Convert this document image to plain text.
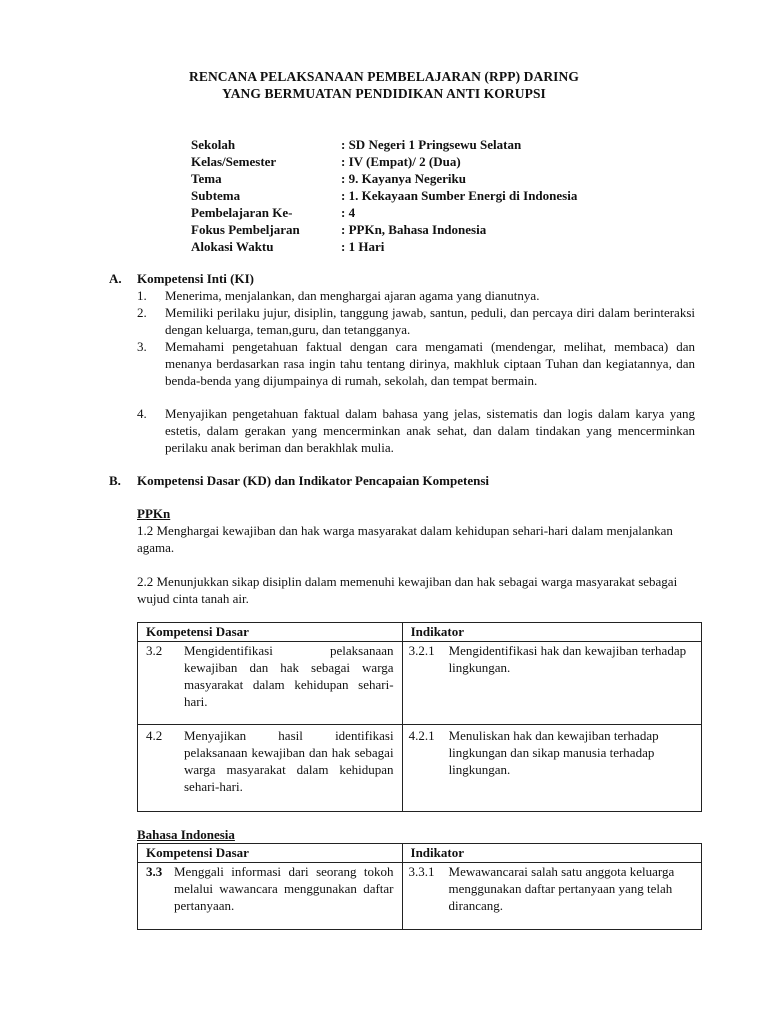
RENCANA PELAKSANAAN PEMBELAJARAN (RPP) DARING
YANG BERMUATAN PENDIDIKAN ANTI KORUPSI
Sekolah	: SD Negeri 1 Pringsewu Selatan
Kelas/Semester	: IV (Empat)/ 2 (Dua)
Tema	: 9. Kayanya Negeriku
Subtema	: 1. Kekayaan Sumber Energi di Indonesia
Pembelajaran Ke-	: 4
Fokus Pembeljaran	: PPKn, Bahasa Indonesia
Alokasi Waktu	: 1 Hari
A. Kompetensi Inti (KI)
1. Menerima, menjalankan, dan menghargai ajaran agama yang dianutnya.
2. Memiliki perilaku jujur, disiplin, tanggung jawab, santun, peduli, dan percaya diri dalam berinteraksi dengan keluarga, teman,guru, dan tetangganya.
3. Memahami pengetahuan faktual dengan cara mengamati (mendengar, melihat, membaca) dan menanya berdasarkan rasa ingin tahu tentang dirinya, makhluk ciptaan Tuhan dan kegiatannya, dan benda-benda yang dijumpainya di rumah, sekolah, dan tempat bermain.
4. Menyajikan pengetahuan faktual dalam bahasa yang jelas, sistematis dan logis dalam karya yang estetis, dalam gerakan yang mencerminkan anak sehat, dan dalam tindakan yang mencerminkan perilaku anak beriman dan berakhlak mulia.
B. Kompetensi Dasar (KD) dan Indikator Pencapaian Kompetensi
PPKn
1.2 Menghargai kewajiban dan hak warga masyarakat dalam kehidupan sehari-hari dalam menjalankan agama.
2.2 Menunjukkan sikap disiplin dalam memenuhi kewajiban dan hak sebagai warga masyarakat sebagai wujud cinta tanah air.
Kompetensi Dasar	Indikator

3.2 Mengidentifikasi pelaksanaan kewajiban dan hak sebagai warga masyarakat dalam kehidupan sehari-hari.	3.2.1 Mengidentifikasi hak dan kewajiban terhadap lingkungan.

4.2 Menyajikan hasil identifikasi pelaksanaan kewajiban dan hak sebagai warga masyarakat dalam kehidupan sehari-hari.	4.2.1 Menuliskan hak dan kewajiban terhadap lingkungan dan sikap manusia terhadap lingkungan.
Bahasa Indonesia
Kompetensi Dasar	Indikator

3.3 Menggali informasi dari seorang tokoh melalui wawancara menggunakan daftar pertanyaan.	3.3.1 Mewawancarai salah satu anggota keluarga menggunakan daftar pertanyaan yang telah dirancang.
